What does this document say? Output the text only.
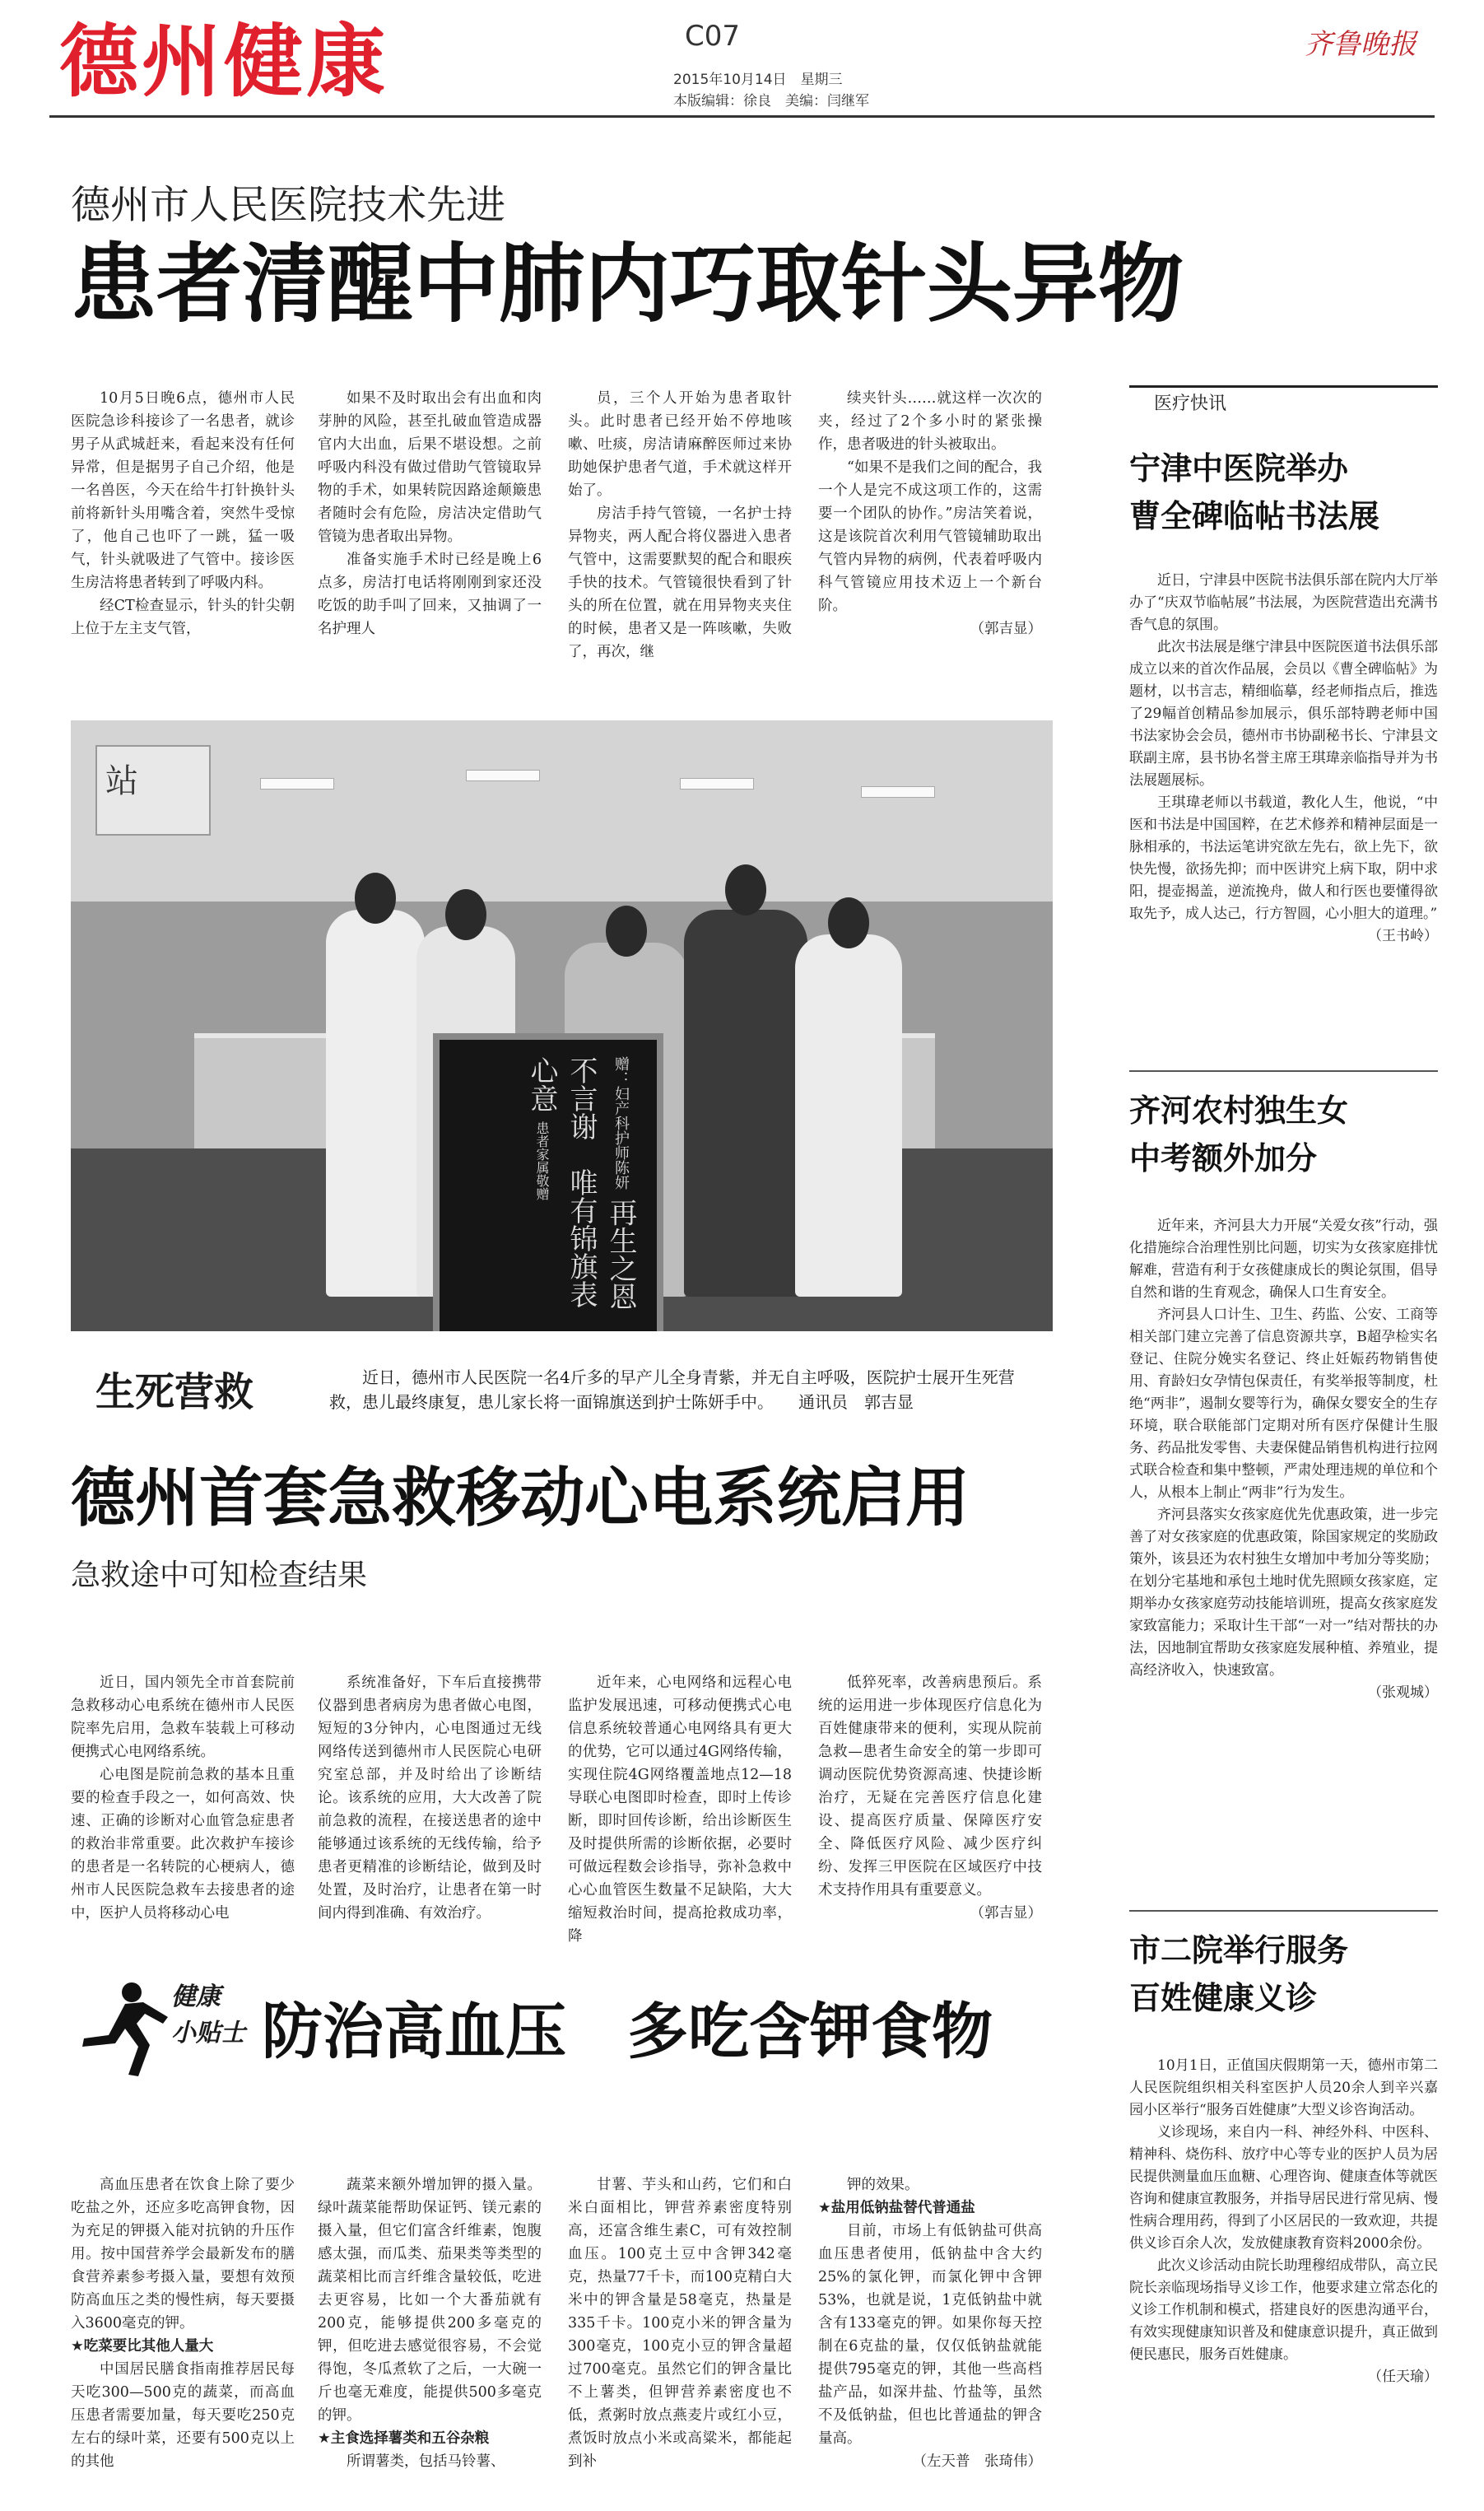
德州健康	C07
2015年10月14日　星期三
本版编辑：徐良　美编：闫继军
齐鲁晚报
德州市人民医院技术先进
患者清醒中肺内巧取针头异物

10月5日晚6点，德州市人民医院急诊科接诊了一名患者，就诊男子从武城赶来，看起来没有任何异常，但是据男子自己介绍，他是一名兽医，今天在给牛打针换针头前将新针头用嘴含着，突然牛受惊了，他自己也吓了一跳，猛一吸气，针头就吸进了气管中。接诊医生房洁将患者转到了呼吸内科。

经CT检查显示，针头的针尖朝上位于左主支气管，

如果不及时取出会有出血和肉芽肿的风险，甚至扎破血管造成器官内大出血，后果不堪设想。之前呼吸内科没有做过借助气管镜取异物的手术，如果转院因路途颠簸患者随时会有危险，房洁决定借助气管镜为患者取出异物。

准备实施手术时已经是晚上6点多，房洁打电话将刚刚到家还没吃饭的助手叫了回来，又抽调了一名护理人

员，三个人开始为患者取针头。此时患者已经开始不停地咳嗽、吐痰，房洁请麻醉医师过来协助她保护患者气道，手术就这样开始了。

房洁手持气管镜，一名护士持异物夹，两人配合将仪器进入患者气管中，这需要默契的配合和眼疾手快的技术。气管镜很快看到了针头的所在位置，就在用异物夹夹住的时候，患者又是一阵咳嗽，失败了，再次，继

续夹针头……就这样一次次的夹，经过了2个多小时的紧张操作，患者吸进的针头被取出。

“如果不是我们之间的配合，我一个人是完不成这项工作的，这需要一个团队的协作。”房洁笑着说，这是该院首次利用气管镜辅助取出气管内异物的病例，代表着呼吸内科气管镜应用技术迈上一个新台阶。

（郭吉显）
站
赠：妇产科护师陈妍 再生之恩不言谢　唯有锦旗表心意 患者家属敬赠
生死营救	近日，德州市人民医院一名4斤多的早产儿全身青紫，并无自主呼吸，医院护士展开生死营救，患儿最终康复，患儿家长将一面锦旗送到护士陈妍手中。　　通讯员　郭吉显
德州首套急救移动心电系统启用
急救途中可知检查结果

近日，国内领先全市首套院前急救移动心电系统在德州市人民医院率先启用，急救车装载上可移动便携式心电网络系统。

心电图是院前急救的基本且重要的检查手段之一，如何高效、快速、正确的诊断对心血管急症患者的救治非常重要。此次救护车接诊的患者是一名转院的心梗病人，德州市人民医院急救车去接患者的途中，医护人员将移动心电

系统准备好，下车后直接携带仪器到患者病房为患者做心电图，短短的3分钟内，心电图通过无线网络传送到德州市人民医院心电研究室总部，并及时给出了诊断结论。该系统的应用，大大改善了院前急救的流程，在接送患者的途中能够通过该系统的无线传输，给予患者更精准的诊断结论，做到及时处置，及时治疗，让患者在第一时间内得到准确、有效治疗。

近年来，心电网络和远程心电监护发展迅速，可移动便携式心电信息系统较普通心电网络具有更大的优势，它可以通过4G网络传输，实现住院4G网络覆盖地点12—18导联心电图即时检查，即时上传诊断，即时回传诊断，给出诊断医生及时提供所需的诊断依据，必要时可做远程数会诊指导，弥补急救中心心血管医生数量不足缺陷，大大缩短救治时间，提高抢救成功率，降

低猝死率，改善病患预后。系统的运用进一步体现医疗信息化为百姓健康带来的便利，实现从院前急救—患者生命安全的第一步即可调动医院优势资源高速、快捷诊断治疗，无疑在完善医疗信息化建设、提高医疗质量、保障医疗安全、降低医疗风险、减少医疗纠纷、发挥三甲医院在区域医疗中技术支持作用具有重要意义。

（郭吉显）
健康
小贴士 防治高血压　多吃含钾食物

高血压患者在饮食上除了要少吃盐之外，还应多吃高钾食物，因为充足的钾摄入能对抗钠的升压作用。按中国营养学会最新发布的膳食营养素参考摄入量，要想有效预防高血压之类的慢性病，每天要摄入3600毫克的钾。

★吃菜要比其他人量大

中国居民膳食指南推荐居民每天吃300—500克的蔬菜，而高血压患者需要加量，每天要吃250克左右的绿叶菜，还要有500克以上的其他

蔬菜来额外增加钾的摄入量。绿叶蔬菜能帮助保证钙、镁元素的摄入量，但它们富含纤维素，饱腹感太强，而瓜类、茄果类等类型的蔬菜相比而言纤维含量较低，吃进去更容易，比如一个大番茄就有200克，能够提供200多毫克的钾，但吃进去感觉很容易，不会觉得饱，冬瓜煮软了之后，一大碗一斤也毫无难度，能提供500多毫克的钾。

★主食选择薯类和五谷杂粮

所谓薯类，包括马铃薯、

甘薯、芋头和山药，它们和白米白面相比，钾营养素密度特别高，还富含维生素C，可有效控制血压。100克土豆中含钾342毫克，热量77千卡，而100克精白大米中的钾含量是58毫克，热量是335千卡。100克小米的钾含量为300毫克，100克小豆的钾含量超过700毫克。虽然它们的钾含量比不上薯类，但钾营养素密度也不低，煮粥时放点燕麦片或红小豆，煮饭时放点小米或高粱米，都能起到补

钾的效果。

★盐用低钠盐替代普通盐

目前，市场上有低钠盐可供高血压患者使用，低钠盐中含大约25%的氯化钾，而氯化钾中含钾53%，也就是说，1克低钠盐中就含有133毫克的钾。如果你每天控制在6克盐的量，仅仅低钠盐就能提供795毫克的钾，其他一些高档盐产品，如深井盐、竹盐等，虽然不及低钠盐，但也比普通盐的钾含量高。

（左天普　张琦伟）
医疗快讯
宁津中医院举办
曹全碑临帖书法展

近日，宁津县中医院书法俱乐部在院内大厅举办了“庆双节临帖展”书法展，为医院营造出充满书香气息的氛围。

此次书法展是继宁津县中医院医道书法俱乐部成立以来的首次作品展，会员以《曹全碑临帖》为题材，以书言志，精细临摹，经老师指点后，推选了29幅首创精品参加展示，俱乐部特聘老师中国书法家协会会员，德州市书协副秘书长、宁津县文联副主席，县书协名誉主席王琪瑋亲临指导并为书法展题展标。

王琪瑋老师以书载道，教化人生，他说，“中医和书法是中国国粹，在艺术修养和精神层面是一脉相承的，书法运笔讲究欲左先右，欲上先下，欲快先慢，欲扬先抑；而中医讲究上病下取，阴中求阳，提壶揭盖，逆流挽舟，做人和行医也要懂得欲取先予，成人达己，行方智圆，心小胆大的道理。”

（王书岭）
齐河农村独生女
中考额外加分

近年来，齐河县大力开展“关爱女孩”行动，强化措施综合治理性别比问题，切实为女孩家庭排忧解难，营造有利于女孩健康成长的舆论氛围，倡导自然和谐的生育观念，确保人口生育安全。

齐河县人口计生、卫生、药监、公安、工商等相关部门建立完善了信息资源共享，B超孕检实名登记、住院分娩实名登记、终止妊娠药物销售使用、育龄妇女孕情包保责任，有奖举报等制度，杜绝“两非”，遏制女婴等行为，确保女婴安全的生存环境，联合联能部门定期对所有医疗保健计生服务、药品批发零售、夫妻保健品销售机构进行拉网式联合检查和集中整顿，严肃处理违规的单位和个人，从根本上制止“两非”行为发生。

齐河县落实女孩家庭优先优惠政策，进一步完善了对女孩家庭的优惠政策，除国家规定的奖励政策外，该县还为农村独生女增加中考加分等奖励；在划分宅基地和承包土地时优先照顾女孩家庭，定期举办女孩家庭劳动技能培训班，提高女孩家庭发家致富能力；采取计生干部“一对一”结对帮扶的办法，因地制宜帮助女孩家庭发展种植、养殖业，提高经济收入，快速致富。

（张观城）
市二院举行服务
百姓健康义诊

10月1日，正值国庆假期第一天，德州市第二人民医院组织相关科室医护人员20余人到辛兴嘉园小区举行“服务百姓健康”大型义诊咨询活动。

义诊现场，来自内一科、神经外科、中医科、精神科、烧伤科、放疗中心等专业的医护人员为居民提供测量血压血糖、心理咨询、健康查体等就医咨询和健康宣教服务，并指导居民进行常见病、慢性病合理用药，得到了小区居民的一致欢迎，共提供义诊百余人次，发放健康教育资料2000余份。

此次义诊活动由院长助理穆绍成带队，高立民院长亲临现场指导义诊工作，他要求建立常态化的义诊工作机制和模式，搭建良好的医患沟通平台，有效实现健康知识普及和健康意识提升，真正做到便民惠民，服务百姓健康。

（任天瑜）
